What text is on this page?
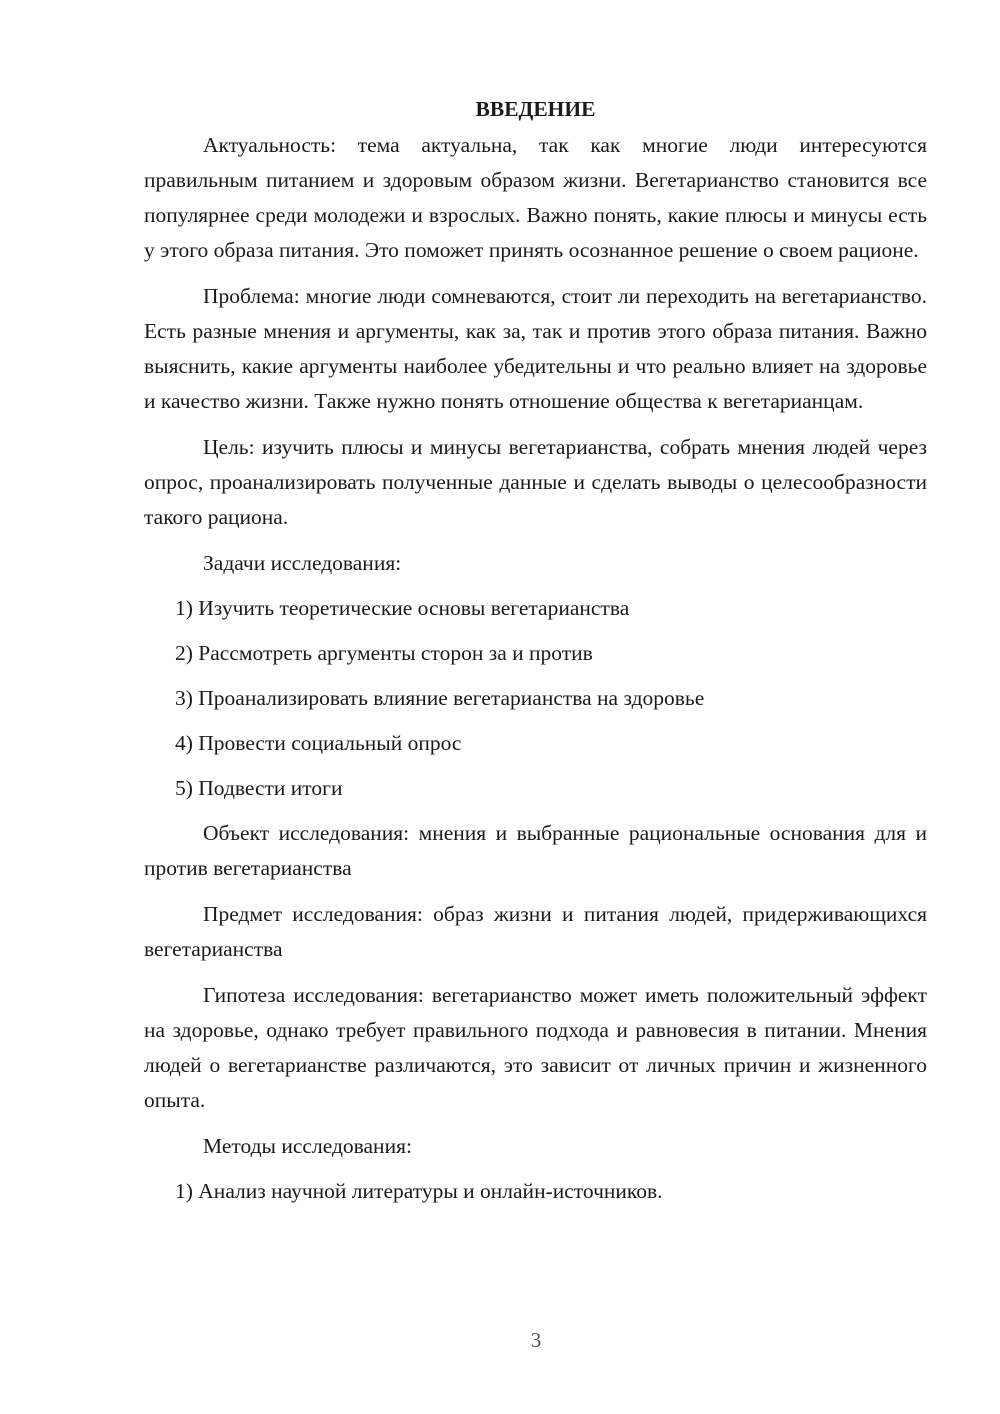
ВВЕДЕНИЕ

Актуальность: тема актуальна, так как многие люди интересуются правильным питанием и здоровым образом жизни. Вегетарианство становится все популярнее среди молодежи и взрослых. Важно понять, какие плюсы и минусы есть у этого образа питания. Это поможет принять осознанное решение о своем рационе.

Проблема: многие люди сомневаются, стоит ли переходить на вегетарианство. Есть разные мнения и аргументы, как за, так и против этого образа питания. Важно выяснить, какие аргументы наиболее убедительны и что реально влияет на здоровье и качество жизни. Также нужно понять отношение общества к вегетарианцам.

Цель: изучить плюсы и минусы вегетарианства, собрать мнения людей через опрос, проанализировать полученные данные и сделать выводы о целесообразности такого рациона.

Задачи исследования:
1) Изучить теоретические основы вегетарианства
2) Рассмотреть аргументы сторон за и против
3) Проанализировать влияние вегетарианства на здоровье
4) Провести социальный опрос
5) Подвести итоги

Объект исследования: мнения и выбранные рациональные основания для и против вегетарианства

Предмет исследования: образ жизни и питания людей, придерживающихся вегетарианства

Гипотеза исследования: вегетарианство может иметь положительный эффект на здоровье, однако требует правильного подхода и равновесия в питании. Мнения людей о вегетарианстве различаются, это зависит от личных причин и жизненного опыта.

Методы исследования:
1) Анализ научной литературы и онлайн-источников.
3
